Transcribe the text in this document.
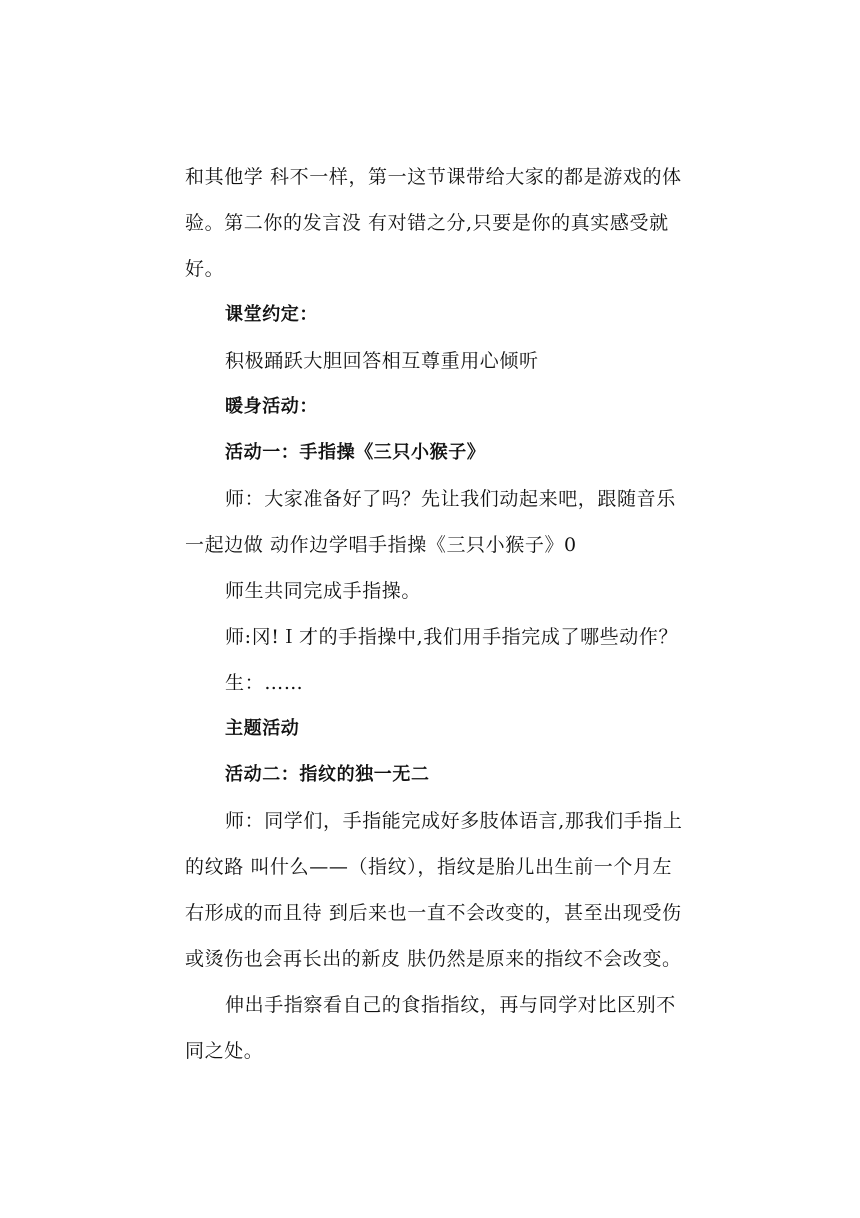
和其他学 科不一样，第一这节课带给大家的都是游戏的体
验。第二你的发言没 有对错之分,只要是你的真实感受就
好。
课堂约定：
积极踊跃大胆回答相互尊重用心倾听
暖身活动：
活动一：手指操《三只小猴子》
师：大家准备好了吗？先让我们动起来吧，跟随音乐
一起边做 动作边学唱手指操《三只小猴子》0
师生共同完成手指操。
师:冈!Ｉ才的手指操中,我们用手指完成了哪些动作？
生：……
主题活动
活动二：指纹的独一无二
师：同学们，手指能完成好多肢体语言,那我们手指上
的纹路 叫什么——（指纹），指纹是胎儿出生前一个月左
右形成的而且待 到后来也一直不会改变的，甚至出现受伤
或烫伤也会再长出的新皮 肤仍然是原来的指纹不会改变。
伸出手指察看自己的食指指纹，再与同学对比区别不
同之处。
